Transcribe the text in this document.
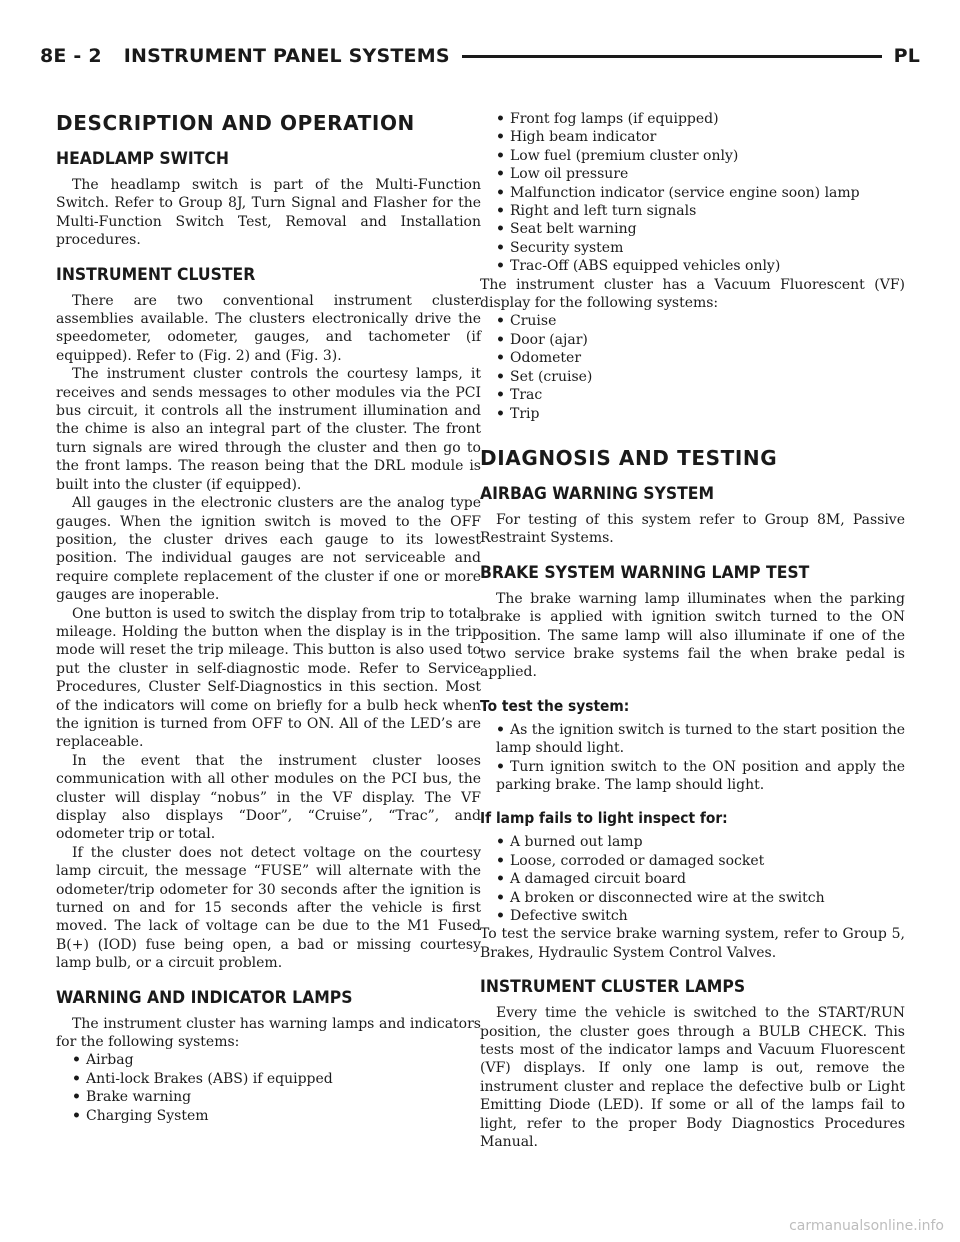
8E - 2 INSTRUMENT PANEL SYSTEMS	PL
DESCRIPTION AND OPERATION
HEADLAMP SWITCH

The headlamp switch is part of the Multi-Function Switch. Refer to Group 8J, Turn Signal and Flasher for the Multi-Function Switch Test, Removal and Installation procedures.

INSTRUMENT CLUSTER

There are two conventional instrument cluster assemblies available. The clusters electronically drive the speedometer, odometer, gauges, and tachometer (if equipped). Refer to (Fig. 2) and (Fig. 3).

The instrument cluster controls the courtesy lamps, it receives and sends messages to other modules via the PCI bus circuit, it controls all the instrument illumination and the chime is also an integral part of the cluster. The front turn signals are wired through the cluster and then go to the front lamps. The reason being that the DRL module is built into the cluster (if equipped).

All gauges in the electronic clusters are the analog type gauges. When the ignition switch is moved to the OFF position, the cluster drives each gauge to its lowest position. The individual gauges are not serviceable and require complete replacement of the cluster if one or more gauges are inoperable.

One button is used to switch the display from trip to total mileage. Holding the button when the display is in the trip mode will reset the trip mileage. This button is also used to put the cluster in self-diagnostic mode. Refer to Service Procedures, Cluster Self-Diagnostics in this section. Most of the indicators will come on briefly for a bulb heck when the ignition is turned from OFF to ON. All of the LED’s are replaceable.

In the event that the instrument cluster looses communication with all other modules on the PCI bus, the cluster will display “nobus” in the VF display. The VF display also displays “Door”, “Cruise”, “Trac”, and odometer trip or total.

If the cluster does not detect voltage on the courtesy lamp circuit, the message “FUSE” will alternate with the odometer/trip odometer for 30 seconds after the ignition is turned on and for 15 seconds after the vehicle is first moved. The lack of voltage can be due to the M1 Fused B(+) (IOD) fuse being open, a bad or missing courtesy lamp bulb, or a circuit problem.

WARNING AND INDICATOR LAMPS

The instrument cluster has warning lamps and indicators for the following systems:

• Airbag
• Anti-lock Brakes (ABS) if equipped
• Brake warning
• Charging System
• Front fog lamps (if equipped)
• High beam indicator
• Low fuel (premium cluster only)
• Low oil pressure
• Malfunction indicator (service engine soon) lamp
• Right and left turn signals
• Seat belt warning
• Security system
• Trac-Off (ABS equipped vehicles only)

The instrument cluster has a Vacuum Fluorescent (VF) display for the following systems:

• Cruise
• Door (ajar)
• Odometer
• Set (cruise)
• Trac
• Trip
DIAGNOSIS AND TESTING
AIRBAG WARNING SYSTEM

For testing of this system refer to Group 8M, Passive Restraint Systems.

BRAKE SYSTEM WARNING LAMP TEST

The brake warning lamp illuminates when the parking brake is applied with ignition switch turned to the ON position. The same lamp will also illuminate if one of the two service brake systems fail the when brake pedal is applied.

To test the system:
• As the ignition switch is turned to the start position the lamp should light.
• Turn ignition switch to the ON position and apply the parking brake. The lamp should light.
If lamp fails to light inspect for:
• A burned out lamp
• Loose, corroded or damaged socket
• A damaged circuit board
• A broken or disconnected wire at the switch
• Defective switch

To test the service brake warning system, refer to Group 5, Brakes, Hydraulic System Control Valves.

INSTRUMENT CLUSTER LAMPS

Every time the vehicle is switched to the START/RUN position, the cluster goes through a BULB CHECK. This tests most of the indicator lamps and Vacuum Fluorescent (VF) displays. If only one lamp is out, remove the instrument cluster and replace the defective bulb or Light Emitting Diode (LED). If some or all of the lamps fail to light, refer to the proper Body Diagnostics Procedures Manual.

carmanualsonline.info
